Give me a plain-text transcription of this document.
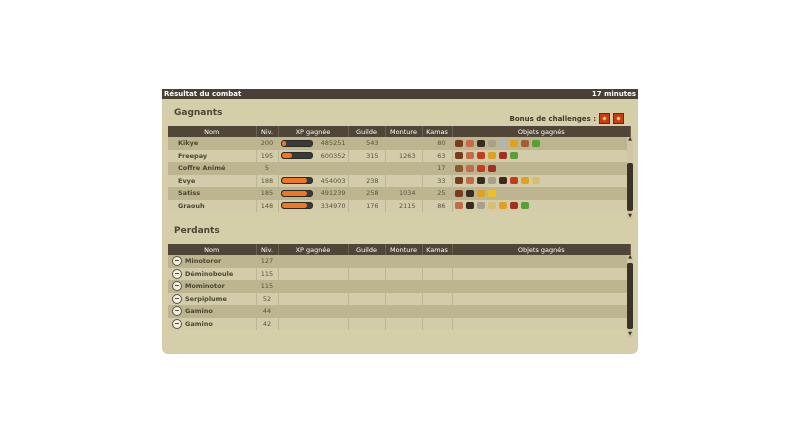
Résultat du combat	17 minutes
Gagnants
Bonus de challenges :
Nom	Niv.	XP gagnée	Guilde	Monture	Kamas	Objets gagnés
Kikye	200	485251	543		80	

Freepay	195	600352	315	1263	63	

Coffre Animé	5				17	

Evye	188	454003	238		33	

Satiss	185	491239	258	1034	25	

Graouh	148	334970	176	2115	86	
▲
▼
Perdants
Nom	Niv.	XP gagnée	Guilde	Monture	Kamas	Objets gagnés
Minotoror	127					
Déminoboule	115					
Mominotor	115					
Serpiplume	52					
Gamino	44					
Gamino	42					
▲
▼
